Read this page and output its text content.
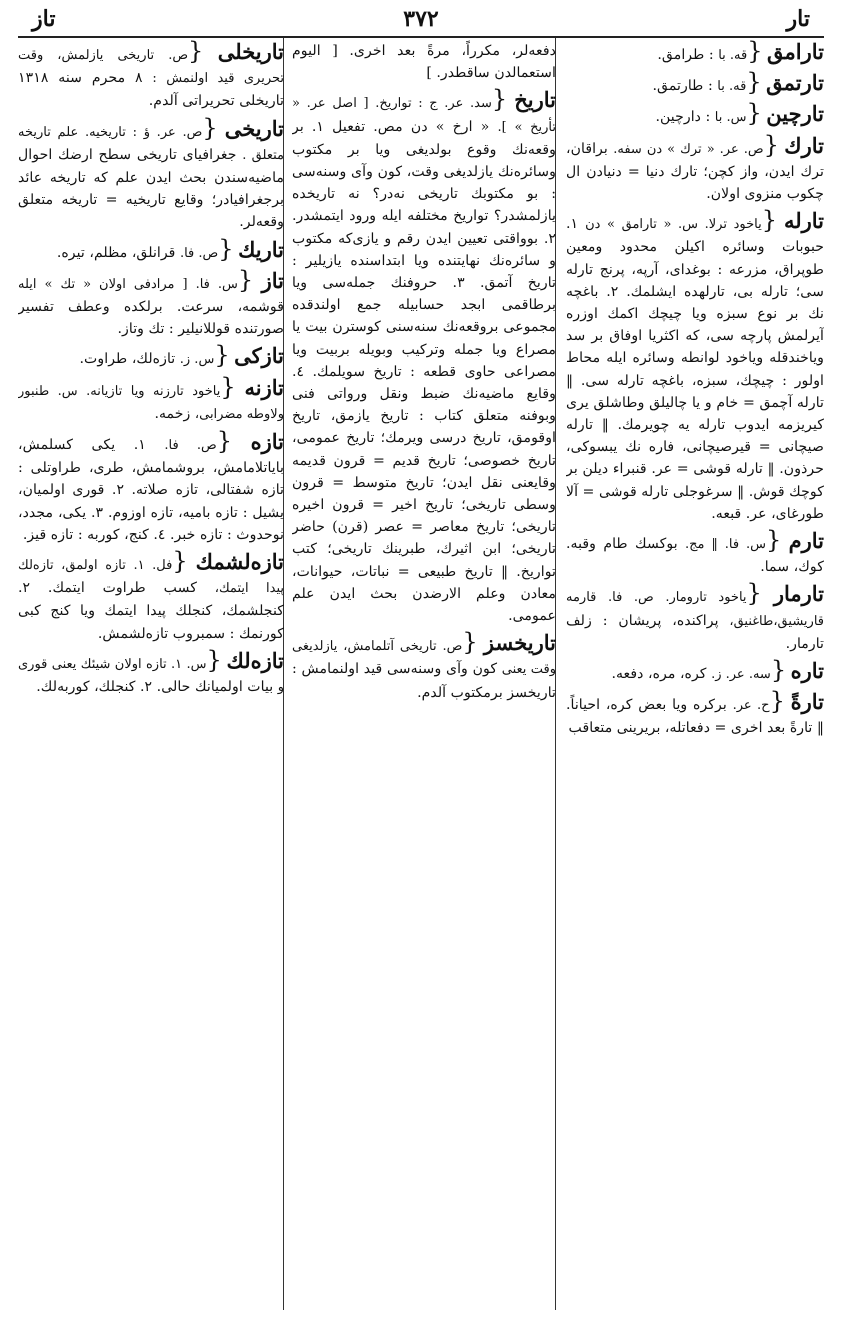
تار
٣٧٢
تاز

تارامق {قه. با : طرامق.

تارتمق {قه. با : طارتمق.

تارچين {س. با : دارچين.

تارك {ص. عر. « ترك » دن سفه. براقان، ترك ايدن، واز كچن؛ تارك دنيا = دنيادن ال چكوب منزوى اولان.

تارله {ياخود ترلا. س. « تارامق » دن ١. حبوبات وسائره اكيلن محدود ومعين طوپراق، مزرعه : بوغداى، آرپه، پرنج تارله سى؛ تارله بى، تارلهده ايشلمك. ٢. باغچه نك بر نوع سبزه ويا چيچك اكمك اوزره آيرلمش پارچه سى، كه اكثريا اوفاق بر سد وياخندقله وياخود لوانطه وسائره ايله محاط اولور : چيچك، سبزه، باغچه تارله سى. ‖ تارله آچمق = خام و يا چاليلق وطاشلق يرى كيريزمه ايدوب تارله يه چويرمك. ‖ تارله صيچانى = قيرصيچانى، فاره نك يبسوكى، حرذون. ‖ تارله قوشى = عر. قنبراء ديلن بر كوچك قوش. ‖ سرغوجلى تارله قوشى = آلا طورغاى، عر. قبعه.

تارم {س. فا. ‖ مج. بوكسك طام وقبه. كوك، سما.

تارمار {ياخود تارومار. ص. فا. قارمه قاريشيق،طاغنيق، پراكنده، پريشان : زلف تارمار.

تاره {سه. عر. ز. كره، مره، دفعه.

تارةً {ح. عر. بركره ويا بعض كره، احياناً. ‖ تارةً بعد اخرى = دفعاتله، بريرينى متعاقب

دفعه‌لر، مكرراً، مرةً بعد اخرى. [ اليوم استعمالدن ساقطدر. ]

تاريخ {سد. عر. ج : تواريخ. [ اصل عر. « تأريخ » ]. « ارخ » دن مص. تفعيل ١. بر وقعه‌نك وقوع بولديغى ويا بر مكتوب وسائره‌نك يازلديغى وقت، كون وآى وسنه‌سى : بو مكتوبك تاريخى نه‌در؟ نه تاريخده يازلمشدر؟ تواريخ مختلفه ايله ورود ايتمشدر. ٢. بوواقتى تعيين ايدن رقم و يازى‌كه مكتوب و سائره‌نك نهايتنده ويا ابتداسنده يازيلير : تاريخ آتمق. ٣. حروفنك جمله‌سى ويا برطاقمى ابجد حسابيله جمع اولندقده مجموعى بروقعه‌نك سنه‌سنى كوسترن بيت يا مصراع ويا جمله وتركيب وبويله بربيت ويا مصراعى حاوى قطعه : تاريخ سويلمك. ٤. وقايع ماضيه‌نك ضبط ونقل ورواتى فنى وبوفنه متعلق كتاب : تاريخ يازمق، تاريخ اوقومق، تاريخ درسى ويرمك؛ تاريخ عمومى، تاريخ خصوصى؛ تاريخ قديم = قرون قديمه وقايعنى نقل ايدن؛ تاريخ متوسط = قرون وسطى تاريخى؛ تاريخ اخير = قرون اخيره تاريخى؛ تاريخ معاصر = عصر (قرن) حاضر تاريخى؛ ابن اثيرك، طبرينك تاريخى؛ كتب تواريخ. ‖ تاريخ طبيعى = نباتات، حيوانات، معادن وعلم الارضدن بحث ايدن علم عمومى.

تاريخسز {ص. تاريخى آتلمامش، يازلديغى وقت يعنى كون وآى وسنه‌سى قيد اولنمامش : تاريخسز برمكتوب آلدم.

تاريخلى {ص. تاريخى يازلمش، وقت تحريرى قيد اولنمش : ٨ محرم سنه ١٣١٨ تاريخلى تحريراتى آلدم.

تاريخى {ص. عر. ؤ : تاريخيه. علم تاريخه متعلق . جغرافياى تاريخى سطح ارضك احوال ماضيه‌سندن بحث ايدن علم كه تاريخه عائد برجغرافيادر؛ وقايع تاريخيه = تاريخه متعلق وقعه‌لر.

تاريك {ص. فا. قرانلق، مظلم، تيره.

تاز {س. فا. [ مرادفى اولان « تك » ايله قوشمه، سرعت. برلكده وعطف تفسير صورتنده قوللانيلير : تك وتاز.

تازكى {س. ز. تازه‌لك، طراوت.

تازنه {ياخود تارزنه ويا تازيانه. س. طنبور ولاوطه مضرابى، زخمه.

تازه {ص. فا. ١. يكى كسلمش، باياتلامامش، بروشمامش، طرى، طراوتلى : تازه شفتالى، تازه صلاته. ٢. قورى اولميان، يشيل : تازه باميه، تازه اوزوم. ٣. يكى، مجدد، نوحدوث : تازه خبر. ٤. كنج، كوربه : تازه قيز.

تازه‌لشمك {فل. ١. تازه اولمق، تازه‌لك پيدا ايتمك، كسب طراوت ايتمك. ٢. كنجلشمك، كنجلك پيدا ايتمك ويا كنج كبى كورنمك : سمبروب تازه‌لشمش.

تازه‌لك {س. ١. تازه اولان شيئك يعنى قورى و بيات اولميانك حالى. ٢. كنجلك، كوربه‌لك.
